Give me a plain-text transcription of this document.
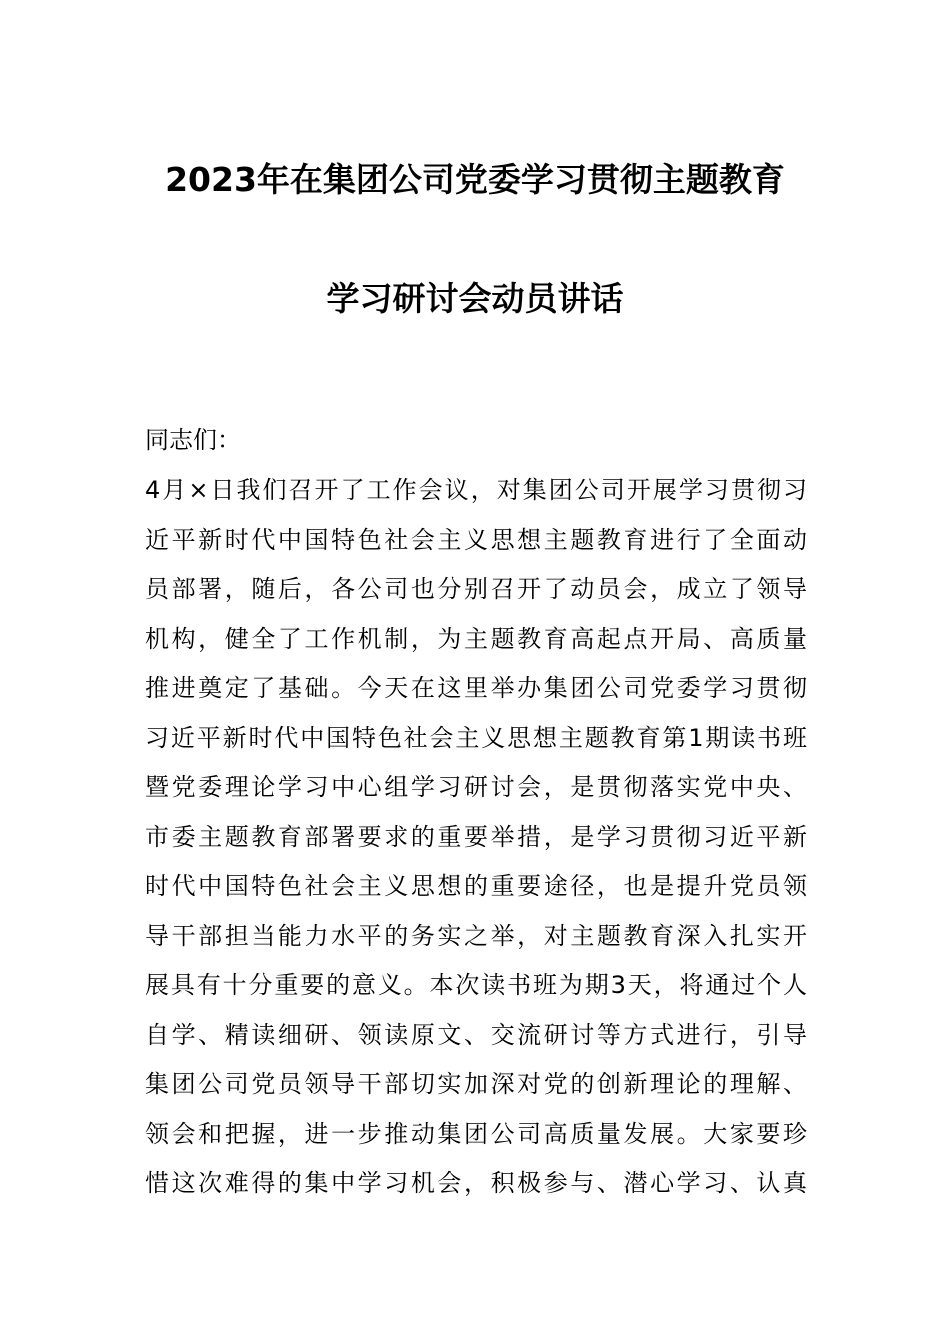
2023年在集团公司党委学习贯彻主题教育
学习研讨会动员讲话
同志们：
4月×日我们召开了工作会议，对集团公司开展学习贯彻习
近平新时代中国特色社会主义思想主题教育进行了全面动
员部署，随后，各公司也分别召开了动员会，成立了领导
机构，健全了工作机制，为主题教育高起点开局、高质量
推进奠定了基础。今天在这里举办集团公司党委学习贯彻
习近平新时代中国特色社会主义思想主题教育第1期读书班
暨党委理论学习中心组学习研讨会，是贯彻落实党中央、
市委主题教育部署要求的重要举措，是学习贯彻习近平新
时代中国特色社会主义思想的重要途径，也是提升党员领
导干部担当能力水平的务实之举，对主题教育深入扎实开
展具有十分重要的意义。本次读书班为期3天，将通过个人
自学、精读细研、领读原文、交流研讨等方式进行，引导
集团公司党员领导干部切实加深对党的创新理论的理解、
领会和把握，进一步推动集团公司高质量发展。大家要珍
惜这次难得的集中学习机会，积极参与、潜心学习、认真
